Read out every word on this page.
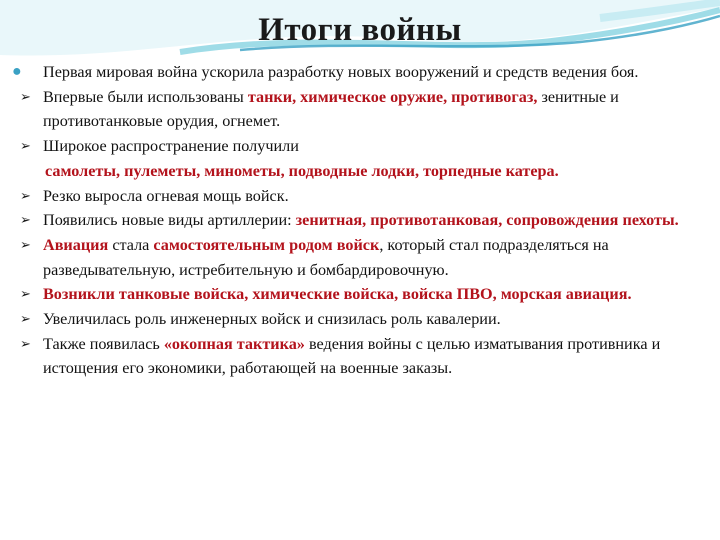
Итоги войны
●	Первая мировая война ускорила разработку новых вооружений и средств ведения боя.
➢ Впервые были использованы танки, химическое оружие, противогаз, зенитные и противотанковые орудия, огнемет.
➢ Широкое распространение получили
самолеты, пулеметы, минометы, подводные лодки, торпедные катера.
➢ Резко выросла огневая мощь войск.
➢ Появились новые виды артиллерии: зенитная, противотанковая, сопровождения пехоты.
➢ Авиация стала самостоятельным родом войск, который стал подразделяться на разведывательную, истребительную и бомбардировочную.
➢ Возникли танковые войска, химические войска, войска ПВО, морская авиация.
➢ Увеличилась роль инженерных войск и снизилась роль кавалерии.
➢ Также появилась «окопная тактика» ведения войны с целью изматывания противника и истощения его экономики, работающей на военные заказы.
